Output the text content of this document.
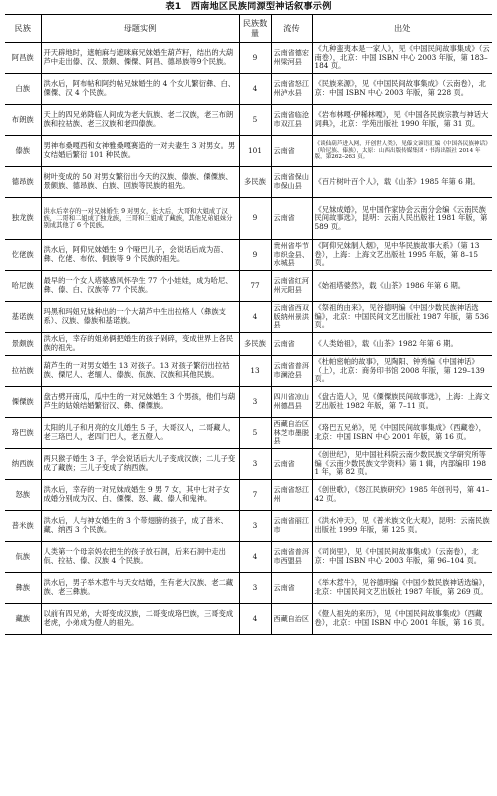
表1　西南地区民族同源型神话叙事示例
民族	母题实例	民族数量	流传	出处
阿昌族	开天辟地时，遮帕麻与遮咪麻兄妹婚生葫芦籽，结出的大葫芦中走出傣、汉、景颇、傈僳、阿昌、德昂族等9个民族。	9	云南省德宏州梁河县	《九种蛮夷本是一家人》，见《中国民间故事集成》（云南卷），北京：中国 ISBN 中心 2003 年版，第 183–184 页。
白族	洪水后，阿布帖和阿约帖兄妹婚生的 4 个女儿繁衍彝、白、傈僳、汉 4 个民族。	4	云南省怒江州泸水县	《民族来源》，见《中国民间故事集成》（云南卷），北京：中国 ISBN 中心 2003 年版，第 228 页。
布朗族	天上的四兄弟降临人间成为老大佤族、老二汉族，老三布朗族和拉祜族、老三汉族和老四傣族。	5	云南省临沧市双江县	《岩布林嘎·伊稀林嘎》，见《中国各民族宗教与神话大词典》，北京：学苑出版社 1990 年版，第 31 页。
傣族	男神布桑嘎西和女神雅桑嘎赛造的一对夫妻生 3 对男女。男女结婚后繁衍 101 种民族。	101	云南省	《谈仙葫芦进入网，开创世人类》，见傣文谚语汇编《中国各民族神话》（哈尼族、傣族），太原：山西出版传媒集团・书海出版社 2014 年版，第262–263 页。
德昂族	树叶变成的 50 对男女繁衍出今天的汉族、傣族、傈僳族、景颇族、德昂族、白族、回族等民族的祖先。	多民族	云南省保山市保山县	《百片树叶百个人》，载《山茶》1985 年第 6 期。
独龙族	洪水后幸存的一对兄妹婚生 9 对男女，长大后，大哥和大姐成了汉族，二哥和二姐成了独龙族，三哥和三姐成了藏族，其他兄弟姐妹分别成其他了 6 个民族。	9	云南省	《兄妹成婚》，见中国作家协会云南分会编《云南民族民间故事选》，昆明：云南人民出版社 1981 年版，第 589 页。
仡佬族	洪水后，阿仰兄妹婚生 9 个哑巴儿子，会说话后成为苗、彝、仡佬、布依、侗族等 9 个民族的祖先。	9	贵州省毕节市织金县、水城县	《阿仰兄妹制人烟》，见中华民族故事大系》（第 13 卷），上海：上海文艺出版社 1995 年版，第 8–15 页。
哈尼族	最早的一个女人塔婆感风怀孕生 77 个小娃娃，成为哈尼、彝、傣、白、汉族等 77 个民族。	77	云南省红河州元阳县	《始祖塔婆然》，载《山茶》1986 年第 6 期。
基诺族	玛黑和玛妞兄妹种出的一个大葫芦中生出拉格人（彝族支系）、汉族、傣族和基诺族。	4	云南省西双版纳州景洪县	《祭祖的由来》，见谷德明编《中国少数民族神话选编》，北京：中国民间文艺出版社 1987 年版，第 536 页。
景颇族	洪水后，幸存的姐弟俩把婚生的孩子剁碎，变成世界上各民族的祖先。	多民族	云南省	《人类始祖》，载《山茶》1982 年第 6 期。
拉祜族	葫芦生的一对男女婚生 13 对孩子。13 对孩子繁衍出拉祜族、傈尼人、老缅人、傣族、佤族、汉族和其他民族。	13	云南省普洱市澜沧县	《杜帕密帕的故事》，见陶阳、钟秀编《中国神话》（上），北京：商务印书馆 2008 年版，第 129–139 页。
傈僳族	盘古劈开南瓜，瓜中生的一对兄妹婚生 3 个男孩，他们与葫芦生的姑娘结婚繁衍汉、彝、傈僳族。	3	四川省凉山州德昌县	《盘古造人》，见《傈僳族民间故事选》，上海：上海文艺出版社 1982 年版，第 7–11 页。
珞巴族	太阳的儿子和月亮的女儿婚生 5 子，大哥汉人，二哥藏人，老三珞巴人，老四门巴人，老五僜人。	5	西藏自治区林芝市墨脱县	《珞巴五兄弟》，见《中国民间故事集成》（西藏卷），北京：中国 ISBN 中心 2001 年版，第 16 页。
纳西族	两只猴子婚生 3 子，学会说话后大儿子变成汉族；二儿子变成了藏族；三儿子变成了纳西族。	3	云南省	《创世纪》，见中国社科院云南少数民族文学研究所等编《云南少数民族文学资料》第 1 辑，内部编印 1981 年，第 82 页。
怒族	洪水后，幸存的一对兄妹成婚生 9 男 7 女，其中七对子女成婚分别成为汉、白、傈僳、怒、藏、傣人和鬼神。	7	云南省怒江州	《创世歌》，《怒江民族研究》1985 年创刊号，第 41–42 页。
普米族	洪水后，人与神女婚生的 3 个带翅膀的孩子，成了普米、藏、纳西 3 个民族。	3	云南省丽江市	《洪水冲天》，见《普米族文化大观》，昆明：云南民族出版社 1999 年版，第 125 页。
佤族	人类第一个母亲妈农把生的孩子放石洞，后来石洞中走出佤、拉祜、傣、汉族 4 个民族。	4	云南省普洱市西盟县	《司岗里》，见《中国民间故事集成》（云南卷），北京：中国 ISBN 中心 2003 年版，第 96–104 页。
彝族	洪水后，男子举木惹牛与天女结婚，生有老大汉族、老二藏族、老三彝族。	3	云南省	《举木惹牛》，见谷德明编《中国少数民族神话选编》，北京：中国民间文艺出版社 1987 年版，第 269 页。
藏族	以前有四兄弟，大哥变成汉族，二哥变成珞巴族，三哥变成老虎，小弟成为僜人的祖先。	4	西藏自治区	《僜人祖先的来历》，见《中国民间故事集成》（西藏卷），北京：中国 ISBN 中心 2001 年版，第 16 页。
